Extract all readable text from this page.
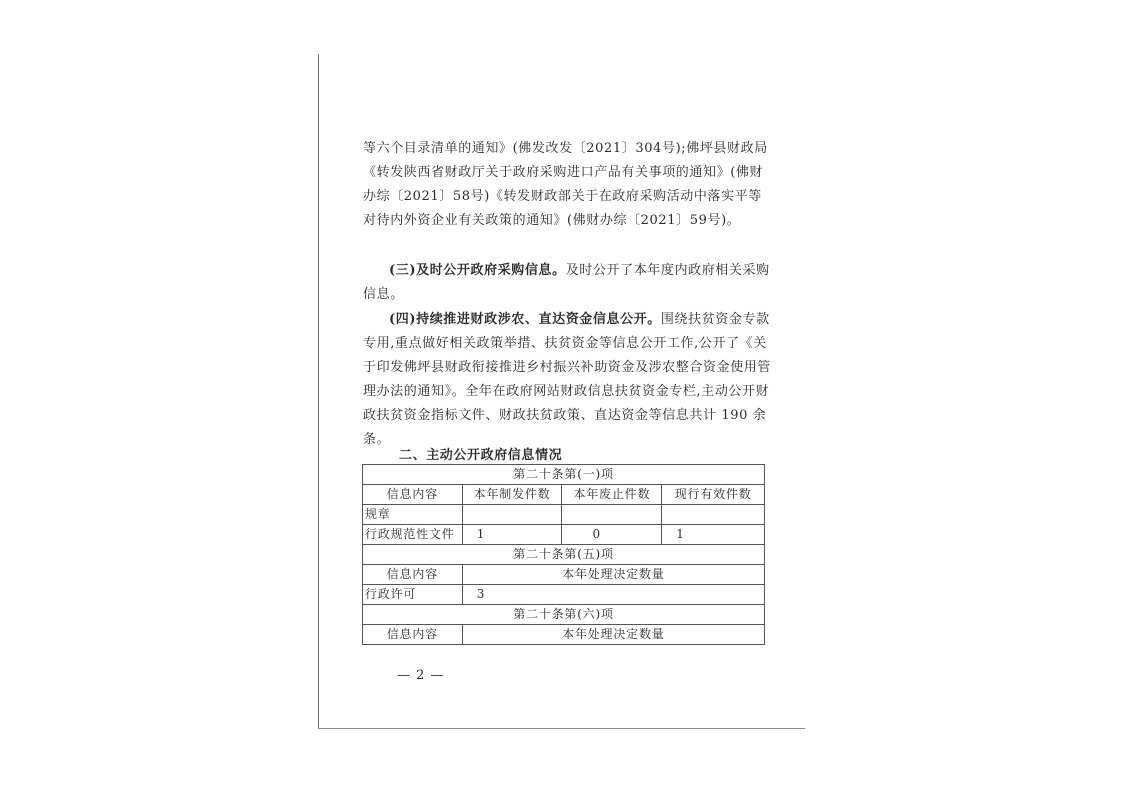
等六个目录清单的通知》(佛发改发〔2021〕304号);佛坪县财政局《转发陕西省财政厅关于政府采购进口产品有关事项的通知》(佛财办综〔2021〕58号)《转发财政部关于在政府采购活动中落实平等对待内外资企业有关政策的通知》(佛财办综〔2021〕59号)。

(三)及时公开政府采购信息。及时公开了本年度内政府相关采购信息。

(四)持续推进财政涉农、直达资金信息公开。围绕扶贫资金专款专用,重点做好相关政策举措、扶贫资金等信息公开工作,公开了《关于印发佛坪县财政衔接推进乡村振兴补助资金及涉农整合资金使用管理办法的通知》。全年在政府网站财政信息扶贫资金专栏,主动公开财政扶贫资金指标文件、财政扶贫政策、直达资金等信息共计 190 余条。

二、主动公开政府信息情况
第二十条第(一)项			
信息内容	本年制发件数	本年废止件数	现行有效件数
规章			
行政规范性文件	1	0	1
第二十条第(五)项			
信息内容	本年处理决定数量		
行政许可	3		
第二十条第(六)项			
信息内容	本年处理决定数量		
— 2 —
